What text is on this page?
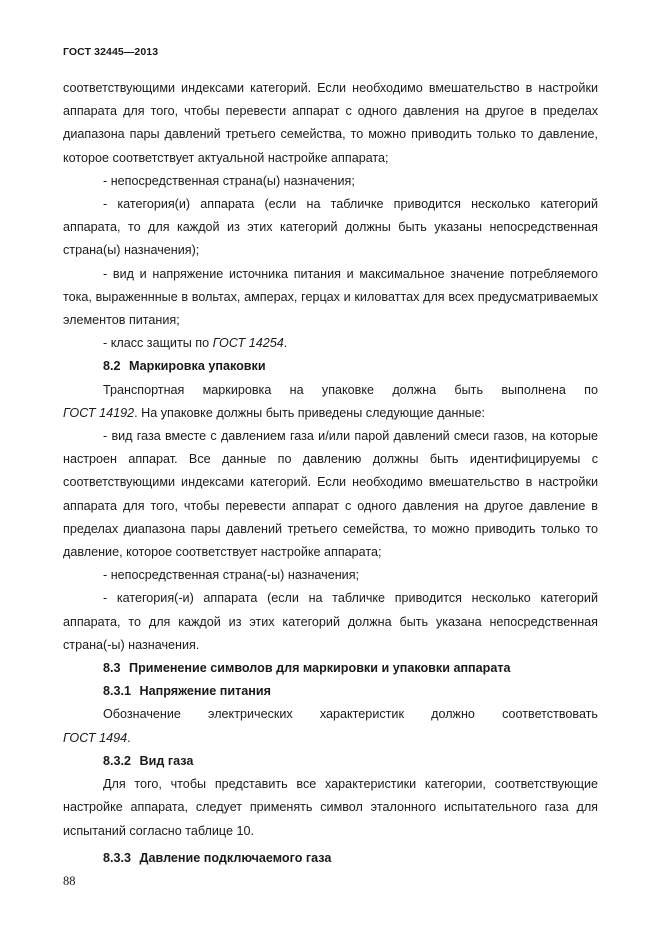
ГОСТ 32445—2013

соответствующими индексами категорий. Если необходимо вмешательство в настройки аппарата для того, чтобы перевести аппарат с одного давления на другое в пределах диапазона пары давлений третьего семейства, то можно приводить только то давление, которое соответствует актуальной настройке аппарата;

- непосредственная страна(ы) назначения;

- категория(и) аппарата (если на табличке приводится несколько категорий аппарата, то для каждой из этих категорий должны быть указаны непосредственная страна(ы) назначения);

- вид и напряжение источника питания и максимальное значение потребляемого тока, выраженнные в вольтах, амперах, герцах и киловаттах для всех предусматриваемых элементов питания;

- класс защиты по ГОСТ 14254.

8.2 Маркировка упаковки

Транспортная маркировка на упаковке должна быть выполнена по

ГОСТ 14192. На упаковке должны быть приведены следующие данные:

- вид газа вместе с давлением газа и/или парой давлений смеси газов, на которые настроен аппарат. Все данные по давлению должны быть идентифицируемы с соответствующими индексами категорий. Если необходимо вмешательство в настройки аппарата для того, чтобы перевести аппарат с одного давления на другое давление в пределах диапазона пары давлений третьего семейства, то можно приводить только то давление, которое соответствует настройке аппарата;

- непосредственная страна(-ы) назначения;

- категория(-и) аппарата (если на табличке приводится несколько категорий аппарата, то для каждой из этих категорий должна быть указана непосредственная страна(-ы) назначения.

8.3 Применение символов для маркировки и упаковки аппарата

8.3.1 Напряжение питания

Обозначение электрических характеристик должно соответствовать

ГОСТ 1494.

8.3.2 Вид газа

Для того, чтобы представить все характеристики категории, соответствующие настройке аппарата, следует применять символ эталонного испытательного газа для испытаний согласно таблице 10.

8.3.3 Давление подключаемого газа

88
